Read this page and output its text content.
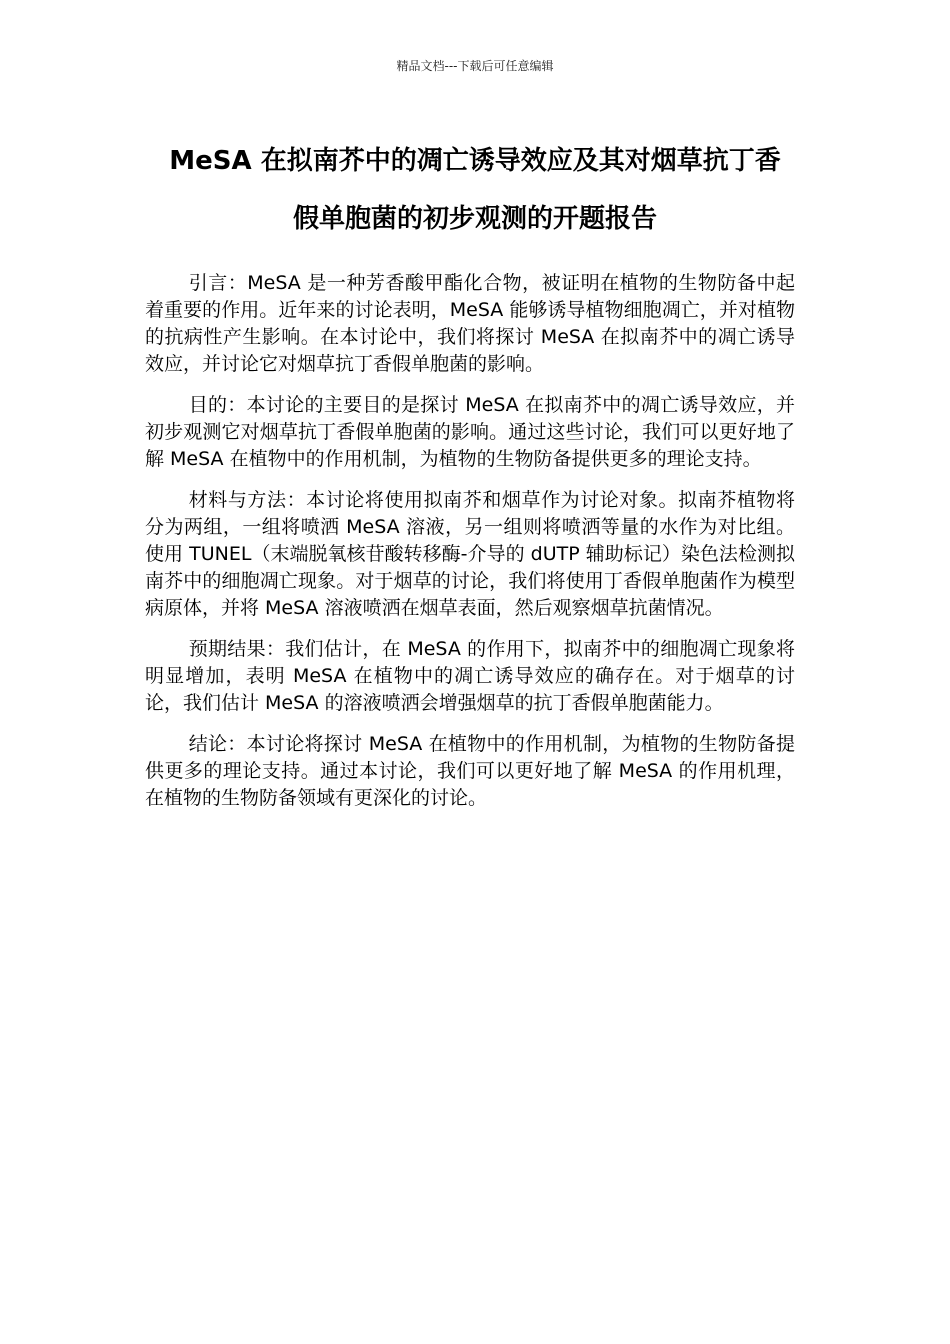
精品文档---下载后可任意编辑
MeSA 在拟南芥中的凋亡诱导效应及其对烟草抗丁香
假单胞菌的初步观测的开题报告

引言：MeSA 是一种芳香酸甲酯化合物，被证明在植物的生物防备中起着重要的作用。近年来的讨论表明，MeSA 能够诱导植物细胞凋亡，并对植物的抗病性产生影响。在本讨论中，我们将探讨 MeSA 在拟南芥中的凋亡诱导效应，并讨论它对烟草抗丁香假单胞菌的影响。

目的：本讨论的主要目的是探讨 MeSA 在拟南芥中的凋亡诱导效应，并初步观测它对烟草抗丁香假单胞菌的影响。通过这些讨论，我们可以更好地了解 MeSA 在植物中的作用机制，为植物的生物防备提供更多的理论支持。

材料与方法：本讨论将使用拟南芥和烟草作为讨论对象。拟南芥植物将分为两组，一组将喷洒 MeSA 溶液，另一组则将喷洒等量的水作为对比组。使用 TUNEL（末端脱氧核苷酸转移酶-介导的 dUTP 辅助标记）染色法检测拟南芥中的细胞凋亡现象。对于烟草的讨论，我们将使用丁香假单胞菌作为模型病原体，并将 MeSA 溶液喷洒在烟草表面，然后观察烟草抗菌情况。

预期结果：我们估计，在 MeSA 的作用下，拟南芥中的细胞凋亡现象将明显增加，表明 MeSA 在植物中的凋亡诱导效应的确存在。对于烟草的讨论，我们估计 MeSA 的溶液喷洒会增强烟草的抗丁香假单胞菌能力。

结论：本讨论将探讨 MeSA 在植物中的作用机制，为植物的生物防备提供更多的理论支持。通过本讨论，我们可以更好地了解 MeSA 的作用机理，在植物的生物防备领域有更深化的讨论。
